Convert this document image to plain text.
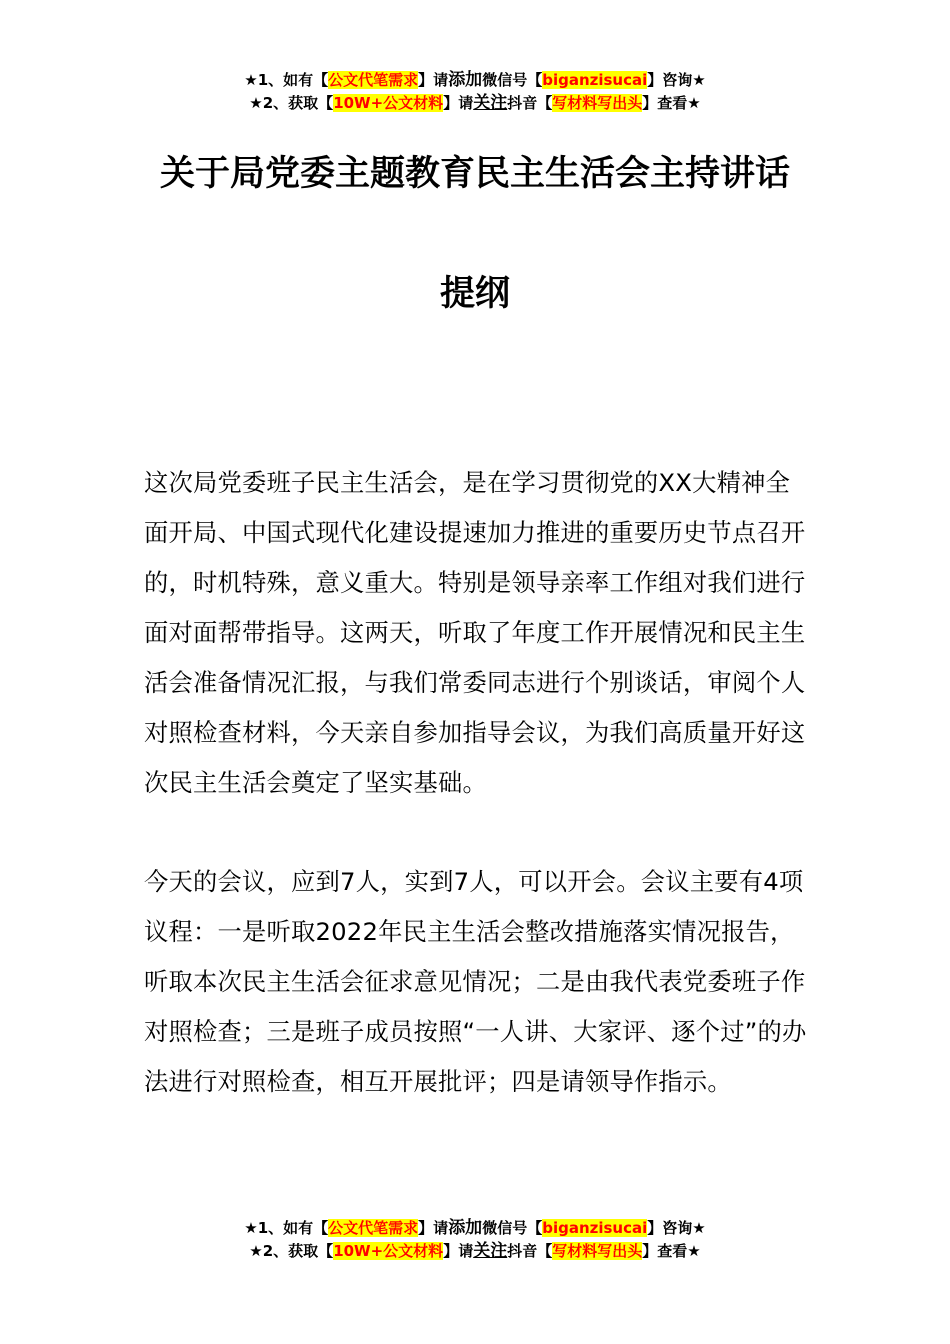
★1、如有【公文代笔需求】请添加微信号【biganzisucai】咨询★
★2、获取【10W+公文材料】请关注抖音【写材料写出头】查看★
关于局党委主题教育民主生活会主持讲话
提纲
这次局党委班子民主生活会，是在学习贯彻党的XX大精神全面开局、中国式现代化建设提速加力推进的重要历史节点召开的，时机特殊，意义重大。特别是领导亲率工作组对我们进行面对面帮带指导。这两天，听取了年度工作开展情况和民主生活会准备情况汇报，与我们常委同志进行个别谈话，审阅个人对照检查材料，今天亲自参加指导会议，为我们高质量开好这次民主生活会奠定了坚实基础。
今天的会议，应到7人，实到7人，可以开会。会议主要有4项议程：一是听取2022年民主生活会整改措施落实情况报告，听取本次民主生活会征求意见情况；二是由我代表党委班子作对照检查；三是班子成员按照“一人讲、大家评、逐个过”的办法进行对照检查，相互开展批评；四是请领导作指示。
★1、如有【公文代笔需求】请添加微信号【biganzisucai】咨询★
★2、获取【10W+公文材料】请关注抖音【写材料写出头】查看★
